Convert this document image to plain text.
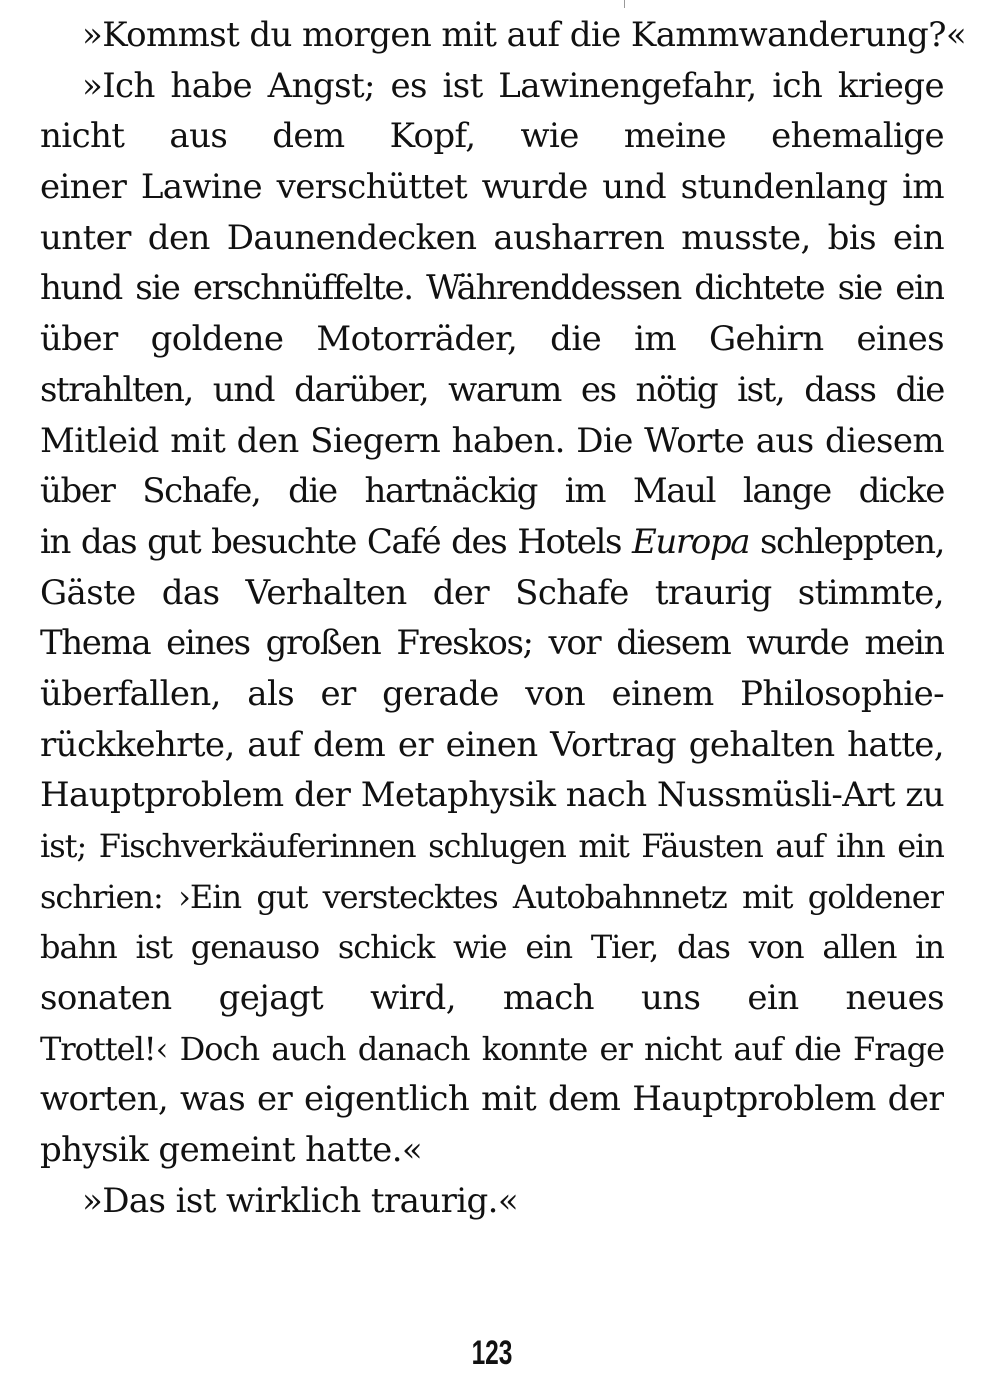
»Kommst du morgen mit auf die Kammwanderung?«
»Ich habe Angst; es ist Lawinengefahr, ich kriege
nicht aus dem Kopf, wie meine ehemalige
einer Lawine verschüttet wurde und stundenlang im
unter den Daunendecken ausharren musste, bis ein
hund sie erschnüffelte. Währenddessen dichtete sie ein
über goldene Motorräder, die im Gehirn eines
strahlten, und darüber, warum es nötig ist, dass die
Mitleid mit den Siegern haben. Die Worte aus diesem
über Schafe, die hartnäckig im Maul lange dicke
in das gut besuchte Café des Hotels Europa schleppten,
Gäste das Verhalten der Schafe traurig stimmte,
Thema eines großen Freskos; vor diesem wurde mein
überfallen, als er gerade von einem Philosophie-
rückkehrte, auf dem er einen Vortrag gehalten hatte,
Hauptproblem der Metaphysik nach Nussmüsli-Art zu
ist; Fischverkäuferinnen schlugen mit Fäusten auf ihn ein
schrien: ›Ein gut verstecktes Autobahnnetz mit goldener
bahn ist genauso schick wie ein Tier, das von allen in
sonaten gejagt wird, mach uns ein neues
Trottel!‹ Doch auch danach konnte er nicht auf die Frage
worten, was er eigentlich mit dem Hauptproblem der
physik gemeint hatte.«
»Das ist wirklich traurig.«
123
